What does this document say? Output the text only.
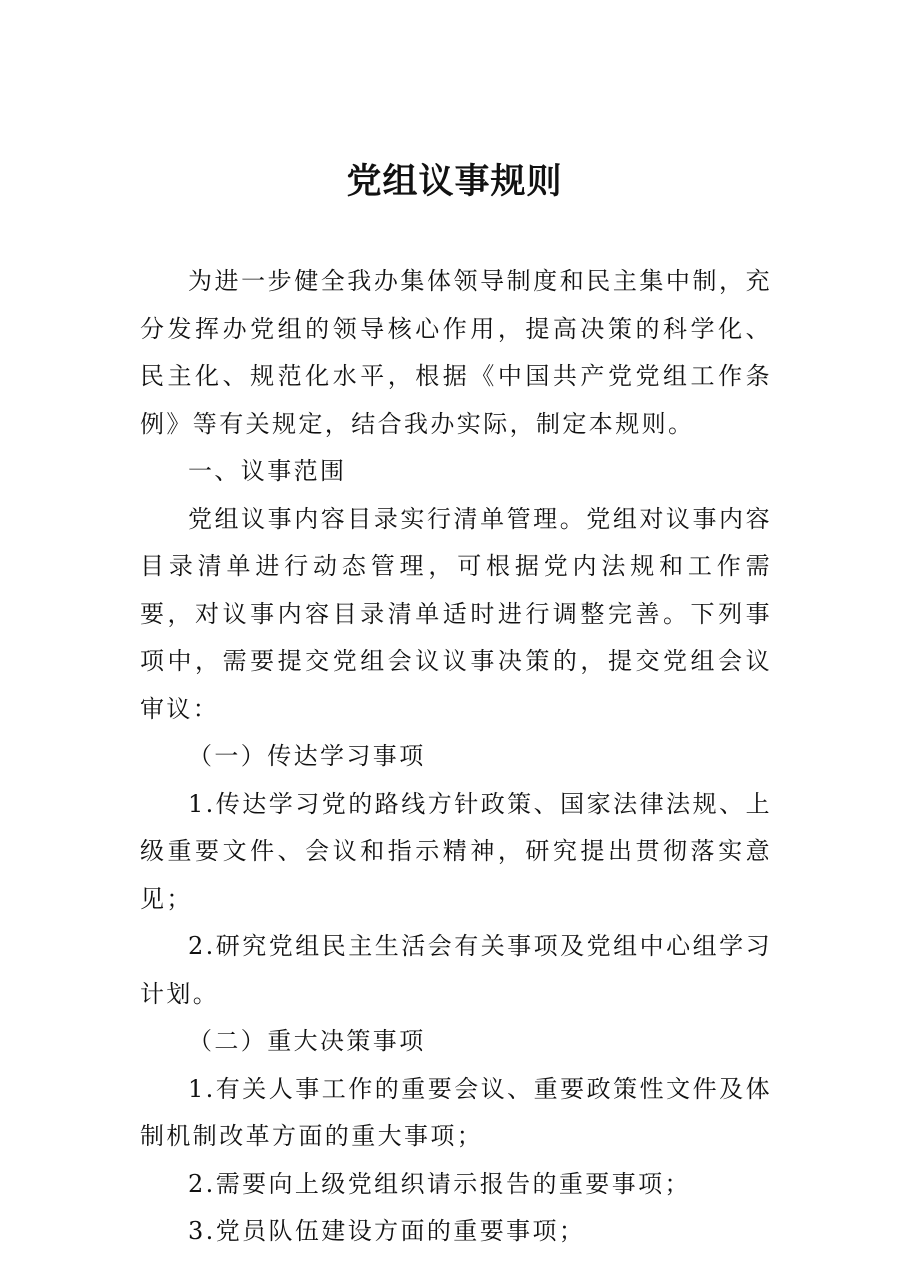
党组议事规则

为进一步健全我办集体领导制度和民主集中制，充分发挥办党组的领导核心作用，提高决策的科学化、民主化、规范化水平，根据《中国共产党党组工作条例》等有关规定，结合我办实际，制定本规则。

一、议事范围

党组议事内容目录实行清单管理。党组对议事内容目录清单进行动态管理，可根据党内法规和工作需要，对议事内容目录清单适时进行调整完善。下列事项中，需要提交党组会议议事决策的，提交党组会议审议：

（一）传达学习事项

1.传达学习党的路线方针政策、国家法律法规、上级重要文件、会议和指示精神，研究提出贯彻落实意见；

2.研究党组民主生活会有关事项及党组中心组学习计划。

（二）重大决策事项

1.有关人事工作的重要会议、重要政策性文件及体制机制改革方面的重大事项；

2.需要向上级党组织请示报告的重要事项；

3.党员队伍建设方面的重要事项；
